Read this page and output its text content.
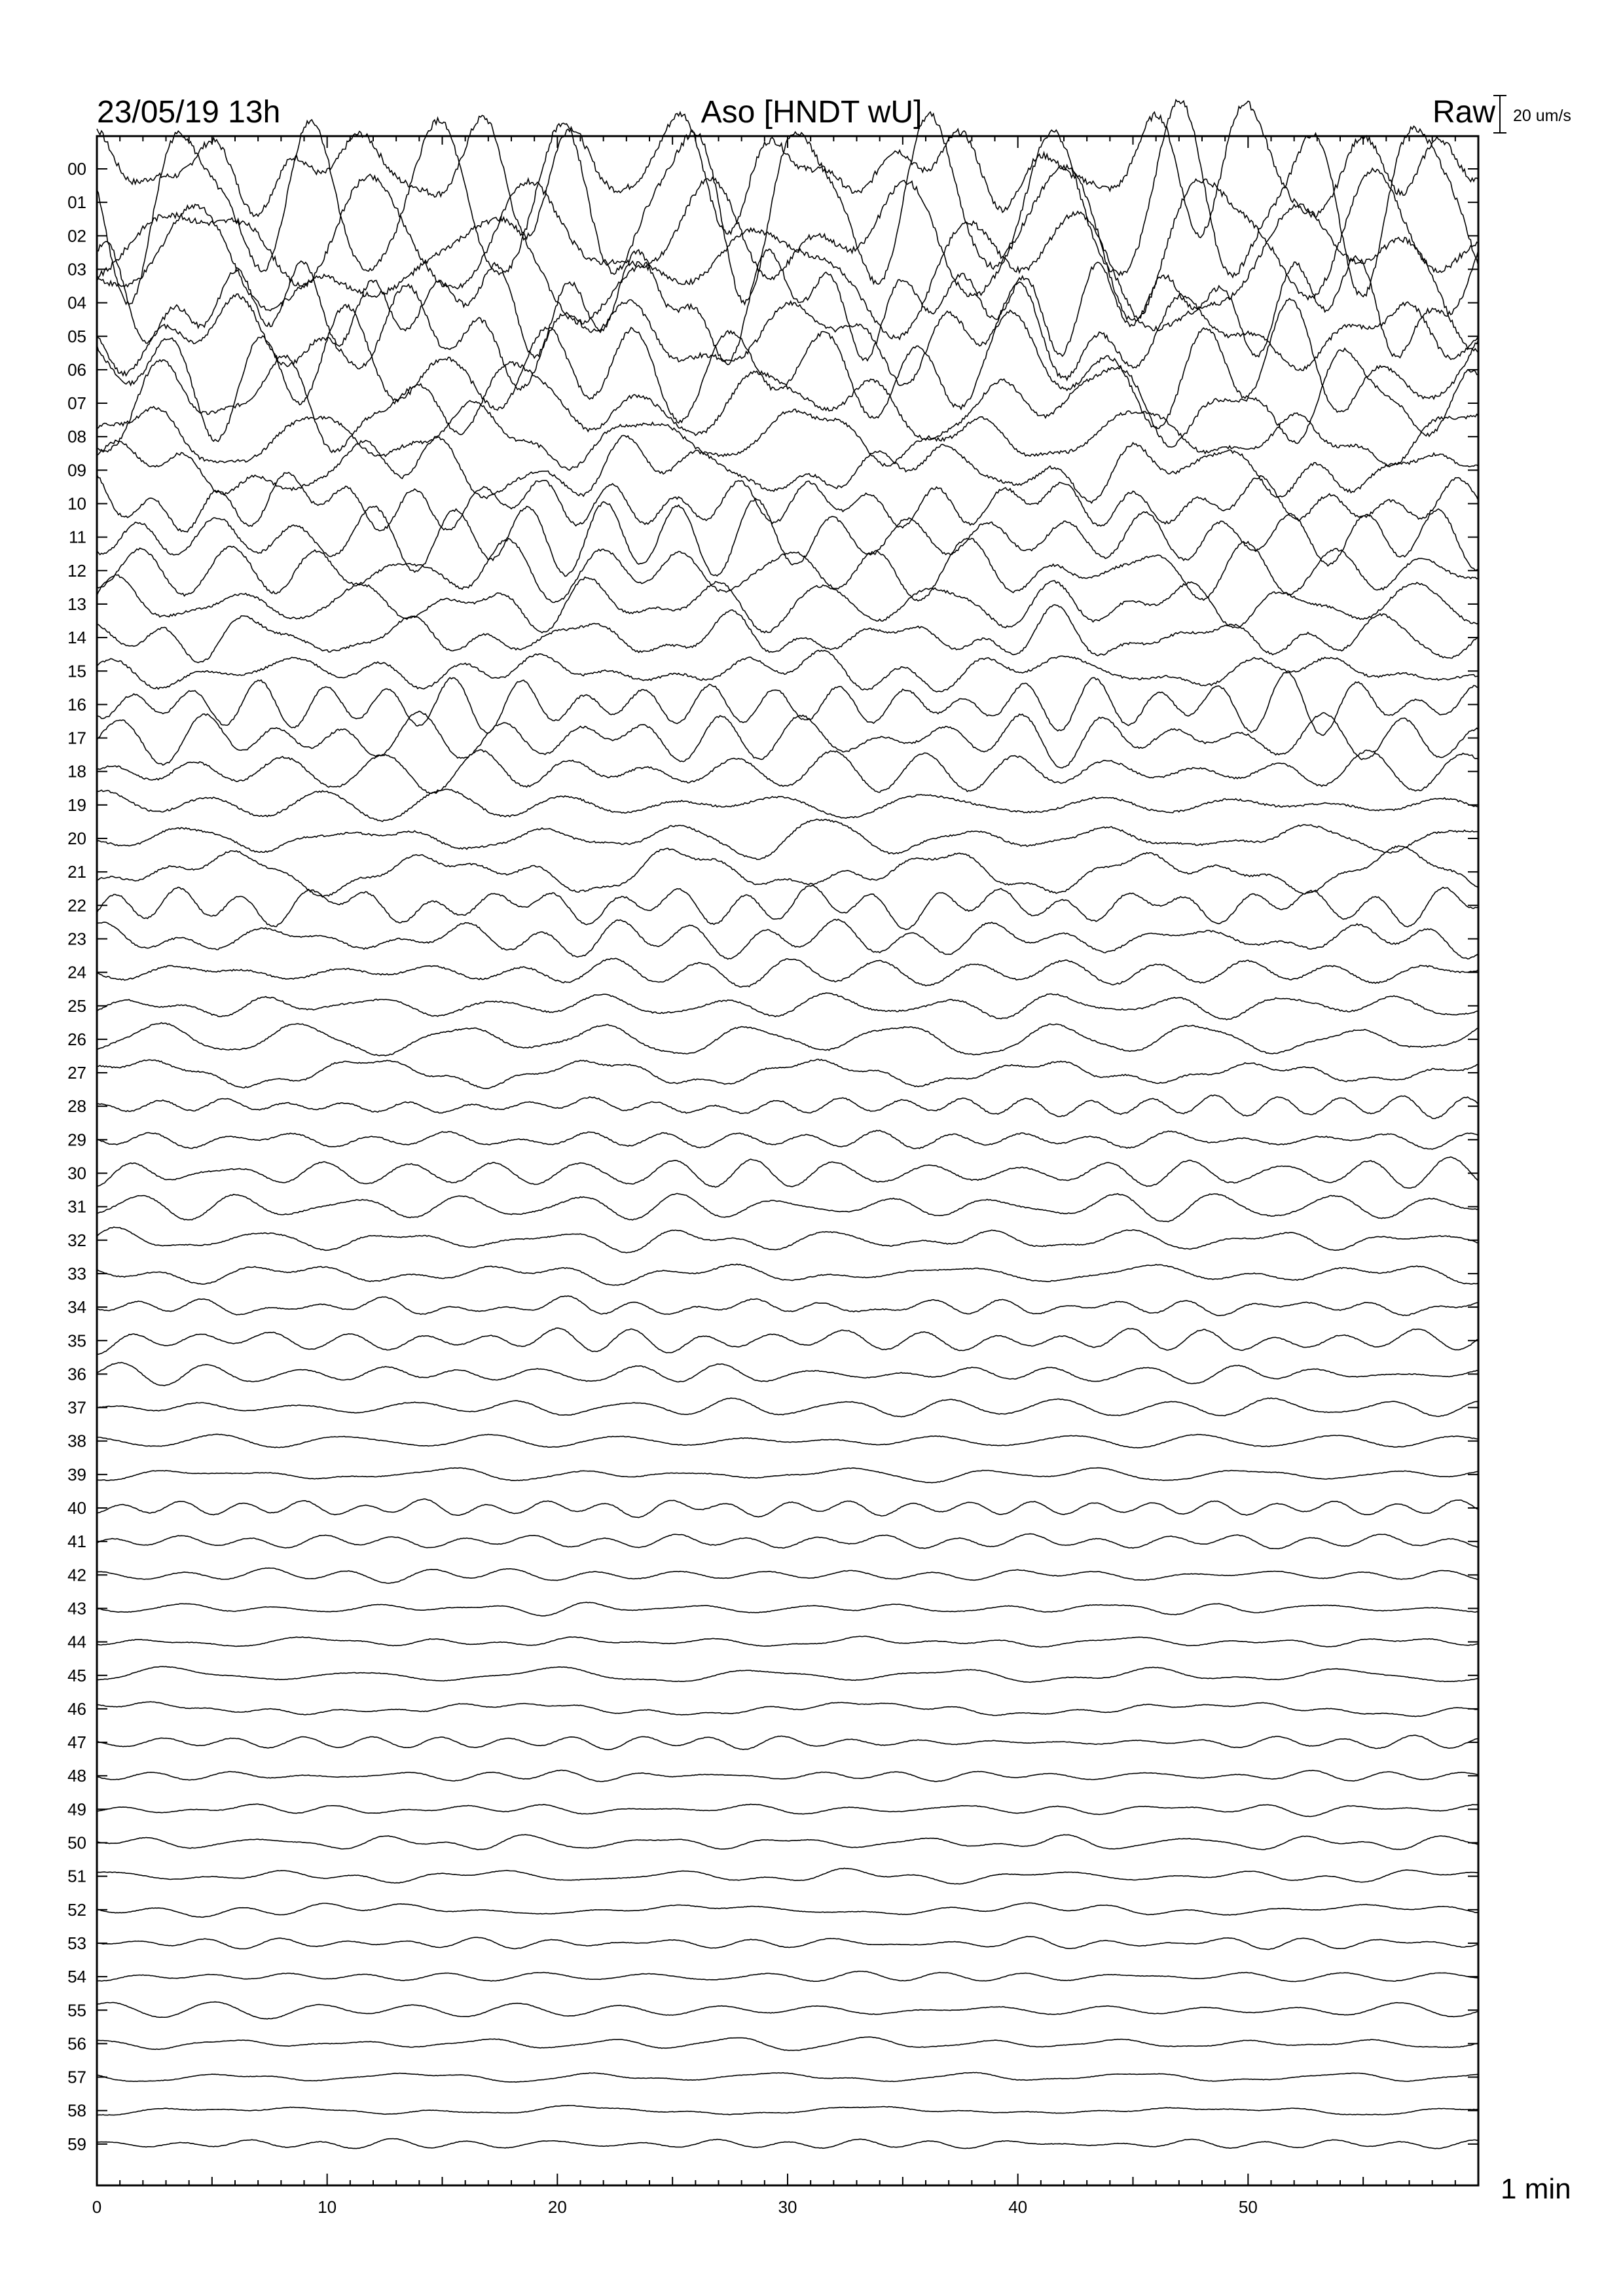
23/05/19 13h	Aso [HNDT wU]	Raw 20 um/s
1 min
0	10	20	30	40	50
00
01
02
03
04
05
06
07
08
09
10
11
12
13
14
15
16
17
18
19
20
21
22
23
24
25
26
27
28
29
30
31
32
33
34
35
36
37
38
39
40
41
42
43
44
45
46
47
48
49
50
51
52
53
54
55
56
57
58
59
